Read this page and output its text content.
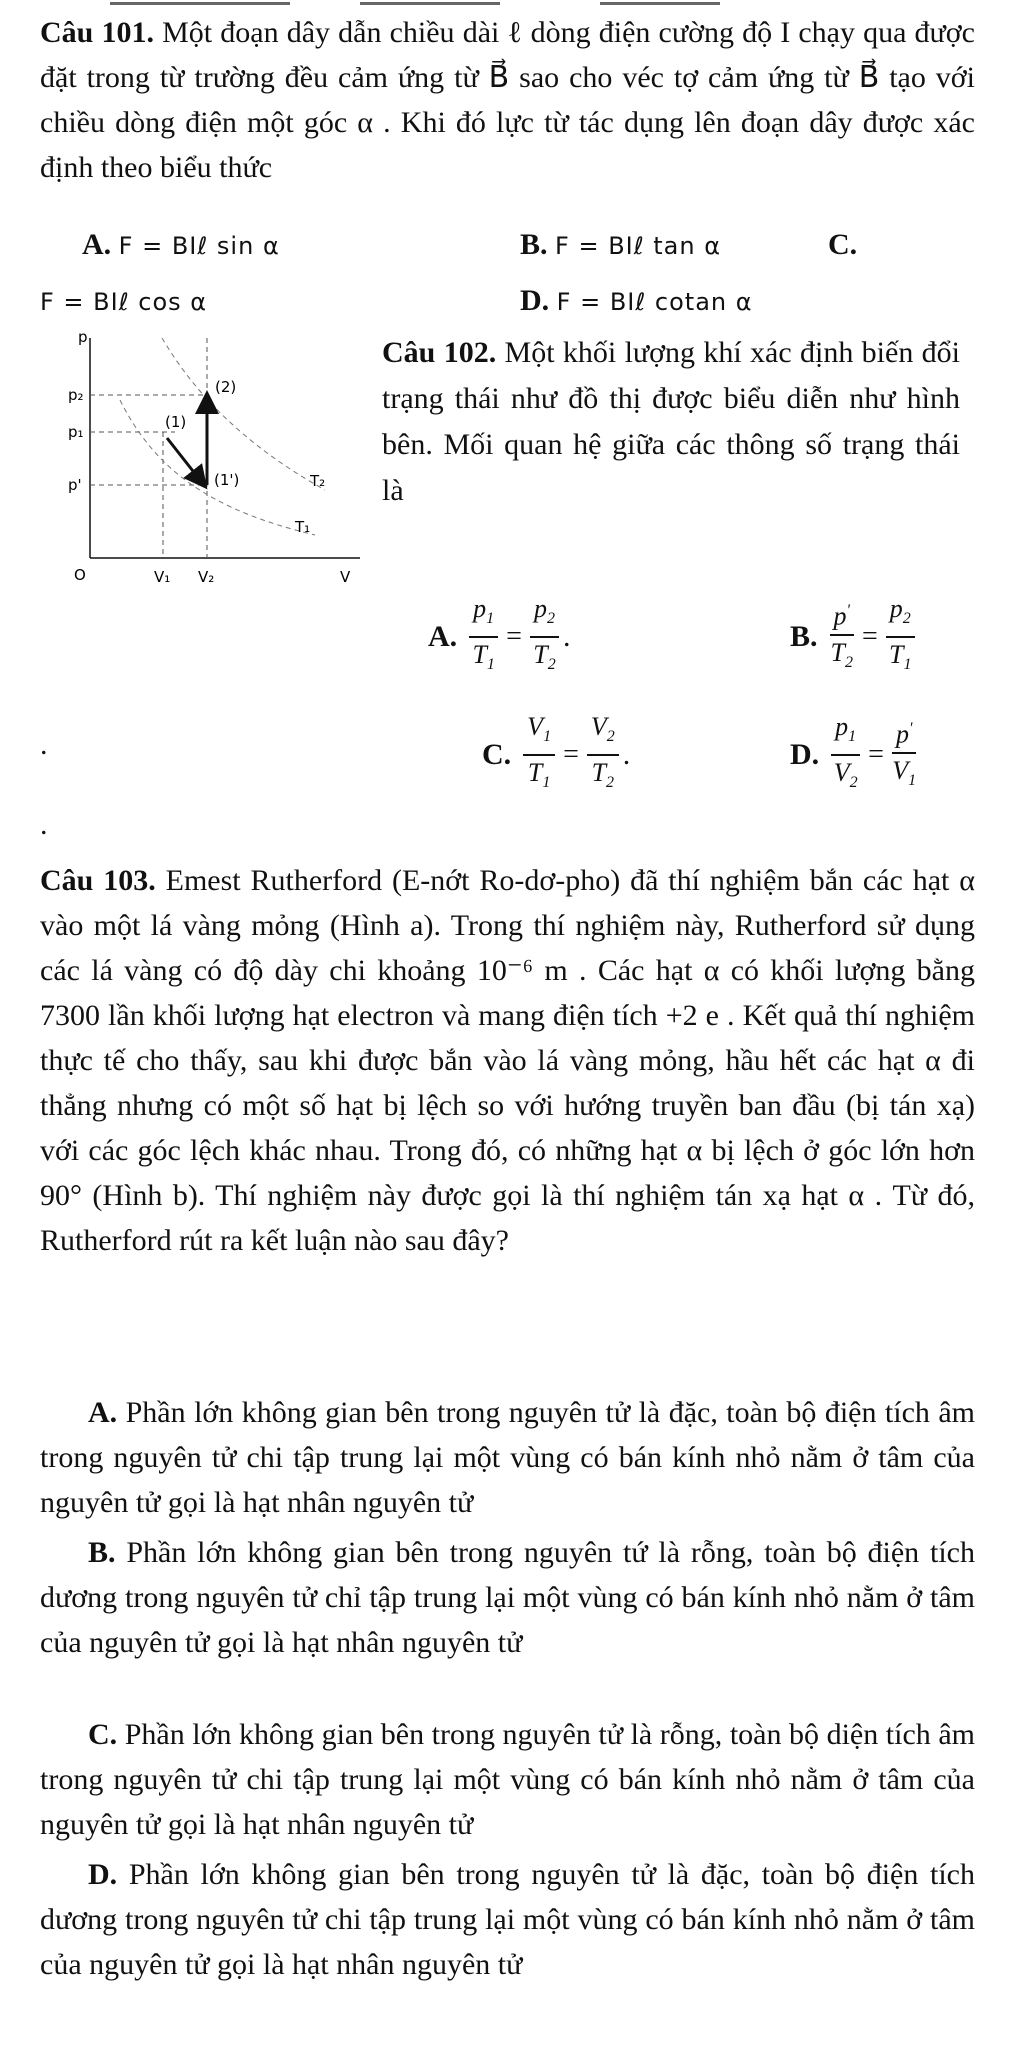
Câu 101. Một đoạn dây dẫn chiều dài ℓ dòng điện cường độ I chạy qua được đặt trong từ trường đều cảm ứng từ B⃗ sao cho véc tợ cảm ứng từ B⃗ tạo với chiều dòng điện một góc α . Khi đó lực từ tác dụng lên đoạn dây được xác định theo biểu thức
A. F = BIℓ sin α	B. F = BIℓ tan α	C.
F = BIℓ cos α	D. F = BIℓ cotan α
p
V
O
p₂
p₁
p'
V₁ V₂
T₂
T₁
(2)
(1)
(1')
Câu 102. Một khối lượng khí xác định biến đổi trạng thái như đồ thị được biểu diễn như hình bên. Mối quan hệ giữa các thông số trạng thái là
A. $\frac{p_1}{T_1} = \frac{p_2}{T_2}$ .	B. $\frac{p'}{T_2} = \frac{p_2}{T_1}$
.	C. $\frac{V_1}{T_1} = \frac{V_2}{T_2}$ .	D. $\frac{p_1}{V_2} = \frac{p'}{V_1}$
.
Câu 103. Emest Rutherford (E-nớt Ro-dơ-pho) đã thí nghiệm bắn các hạt α vào một lá vàng mỏng (Hình a). Trong thí nghiệm này, Rutherford sử dụng các lá vàng có độ dày chi khoảng 10⁻⁶ m . Các hạt α có khối lượng bằng 7300 lần khối lượng hạt electron và mang điện tích +2 e . Kết quả thí nghiệm thực tế cho thấy, sau khi được bắn vào lá vàng mỏng, hầu hết các hạt α đi thẳng nhưng có một số hạt bị lệch so với hướng truyền ban đầu (bị tán xạ) với các góc lệch khác nhau. Trong đó, có những hạt α bị lệch ở góc lớn hơn 90° (Hình b). Thí nghiệm này được gọi là thí nghiệm tán xạ hạt α . Từ đó, Rutherford rút ra kết luận nào sau đây?
A. Phần lớn không gian bên trong nguyên tử là đặc, toàn bộ điện tích âm trong nguyên tử chi tập trung lại một vùng có bán kính nhỏ nằm ở tâm của nguyên tử gọi là hạt nhân nguyên tử
B. Phần lớn không gian bên trong nguyên tứ là rỗng, toàn bộ điện tích dương trong nguyên tử chỉ tập trung lại một vùng có bán kính nhỏ nằm ở tâm của nguyên tử gọi là hạt nhân nguyên tử
C. Phần lớn không gian bên trong nguyên tử là rỗng, toàn bộ diện tích âm trong nguyên tử chi tập trung lại một vùng có bán kính nhỏ nằm ở tâm của nguyên tử gọi là hạt nhân nguyên tử
D. Phần lớn không gian bên trong nguyên tử là đặc, toàn bộ điện tích dương trong nguyên tử chi tập trung lại một vùng có bán kính nhỏ nằm ở tâm của nguyên tử gọi là hạt nhân nguyên tử
